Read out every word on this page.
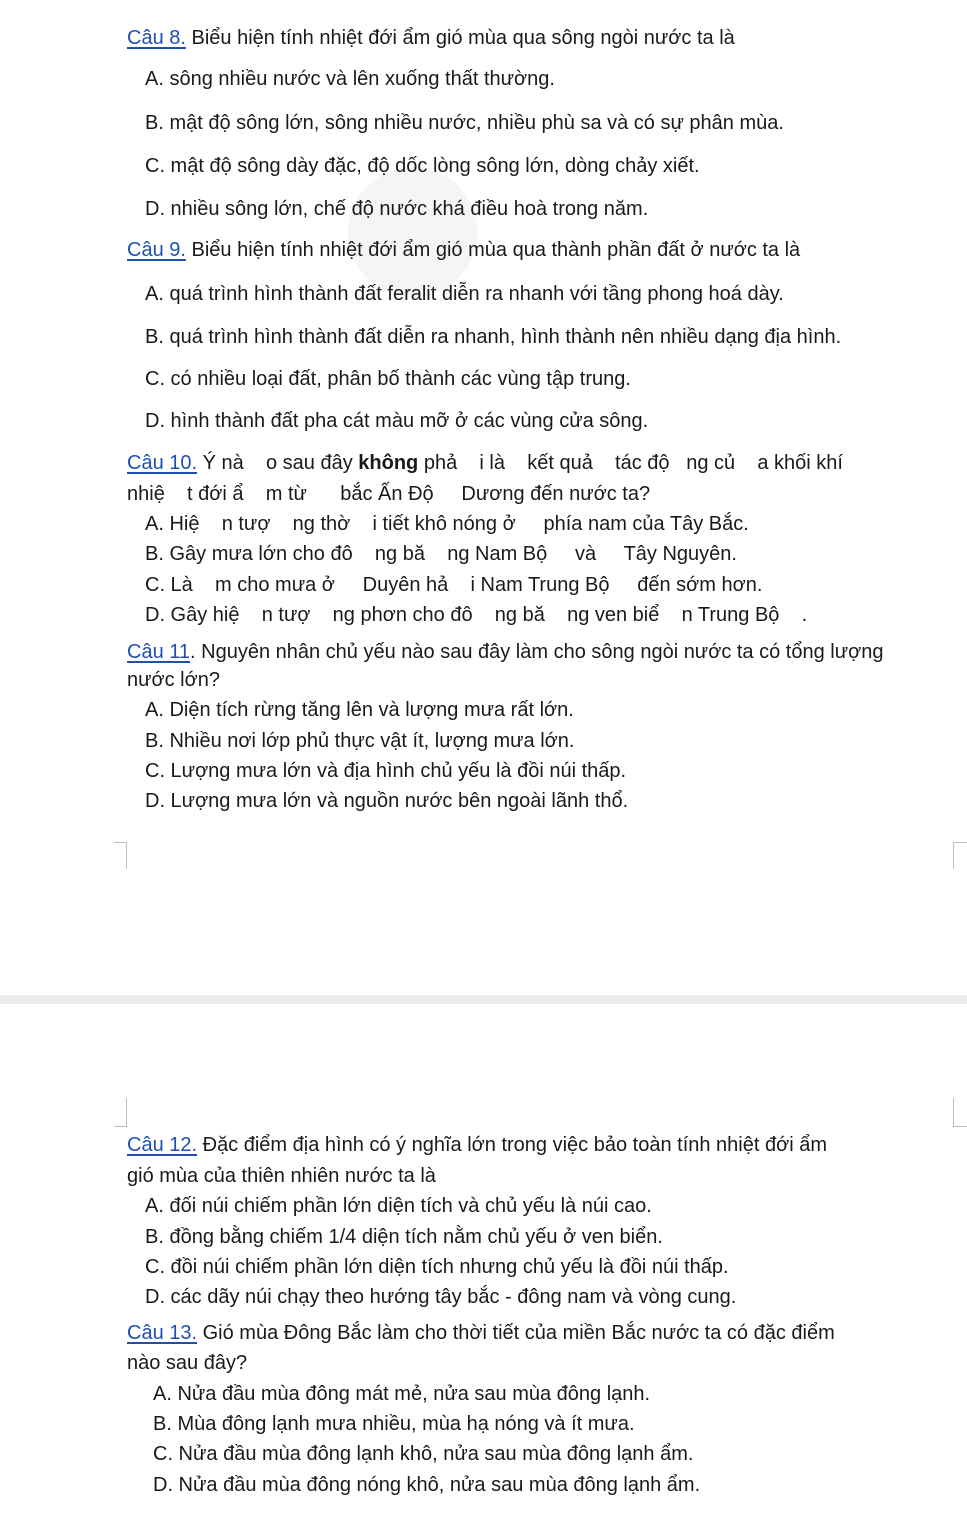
Câu 8. Biểu hiện tính nhiệt đới ẩm gió mùa qua sông ngòi nước ta là
A. sông nhiều nước và lên xuống thất thường.
B. mật độ sông lớn, sông nhiều nước, nhiều phù sa và có sự phân mùa.
C. mật độ sông dày đặc, độ dốc lòng sông lớn, dòng chảy xiết.
D. nhiều sông lớn, chế độ nước khá điều hoà trong năm.
Câu 9. Biểu hiện tính nhiệt đới ẩm gió mùa qua thành phần đất ở nước ta là
A. quá trình hình thành đất feralit diễn ra nhanh với tầng phong hoá dày.
B. quá trình hình thành đất diễn ra nhanh, hình thành nên nhiều dạng địa hình.
C. có nhiều loại đất, phân bố thành các vùng tập trung.
D. hình thành đất pha cát màu mỡ ở các vùng cửa sông.
Câu 10. Ý nà    o sau đây không phả    i là    kết quả    tác độ   ng củ    a khối khí
nhiệ    t đới ẩ    m từ      bắc Ấn Độ     Dương đến nước ta?
A. Hiệ    n tượ    ng thờ    i tiết khô nóng ở     phía nam của Tây Bắc.
B. Gây mưa lớn cho đô    ng bă    ng Nam Bộ     và     Tây Nguyên.
C. Là    m cho mưa ở     Duyên hả    i Nam Trung Bộ     đến sớm hơn.
D. Gây hiệ    n tượ    ng phơn cho đô    ng bă    ng ven biể    n Trung Bộ    .
Câu 11. Nguyên nhân chủ yếu nào sau đây làm cho sông ngòi nước ta có tổng lượng
nước lớn?
A. Diện tích rừng tăng lên và lượng mưa rất lớn.
B. Nhiều nơi lớp phủ thực vật ít, lượng mưa lớn.
C. Lượng mưa lớn và địa hình chủ yếu là đồi núi thấp.
D. Lượng mưa lớn và nguồn nước bên ngoài lãnh thổ.
Câu 12. Đặc điểm địa hình có ý nghĩa lớn trong việc bảo toàn tính nhiệt đới ẩm
gió mùa của thiên nhiên nước ta là
A. đối núi chiếm phần lớn diện tích và chủ yếu là núi cao.
B. đồng bằng chiếm 1/4 diện tích nằm chủ yếu ở ven biển.
C. đồi núi chiếm phần lớn diện tích nhưng chủ yếu là đồi núi thấp.
D. các dãy núi chạy theo hướng tây bắc - đông nam và vòng cung.
Câu 13. Gió mùa Đông Bắc làm cho thời tiết của miền Bắc nước ta có đặc điểm
nào sau đây?
A. Nửa đầu mùa đông mát mẻ, nửa sau mùa đông lạnh.
B. Mùa đông lạnh mưa nhiều, mùa hạ nóng và ít mưa.
C. Nửa đầu mùa đông lạnh khô, nửa sau mùa đông lạnh ẩm.
D. Nửa đầu mùa đông nóng khô, nửa sau mùa đông lạnh ẩm.
